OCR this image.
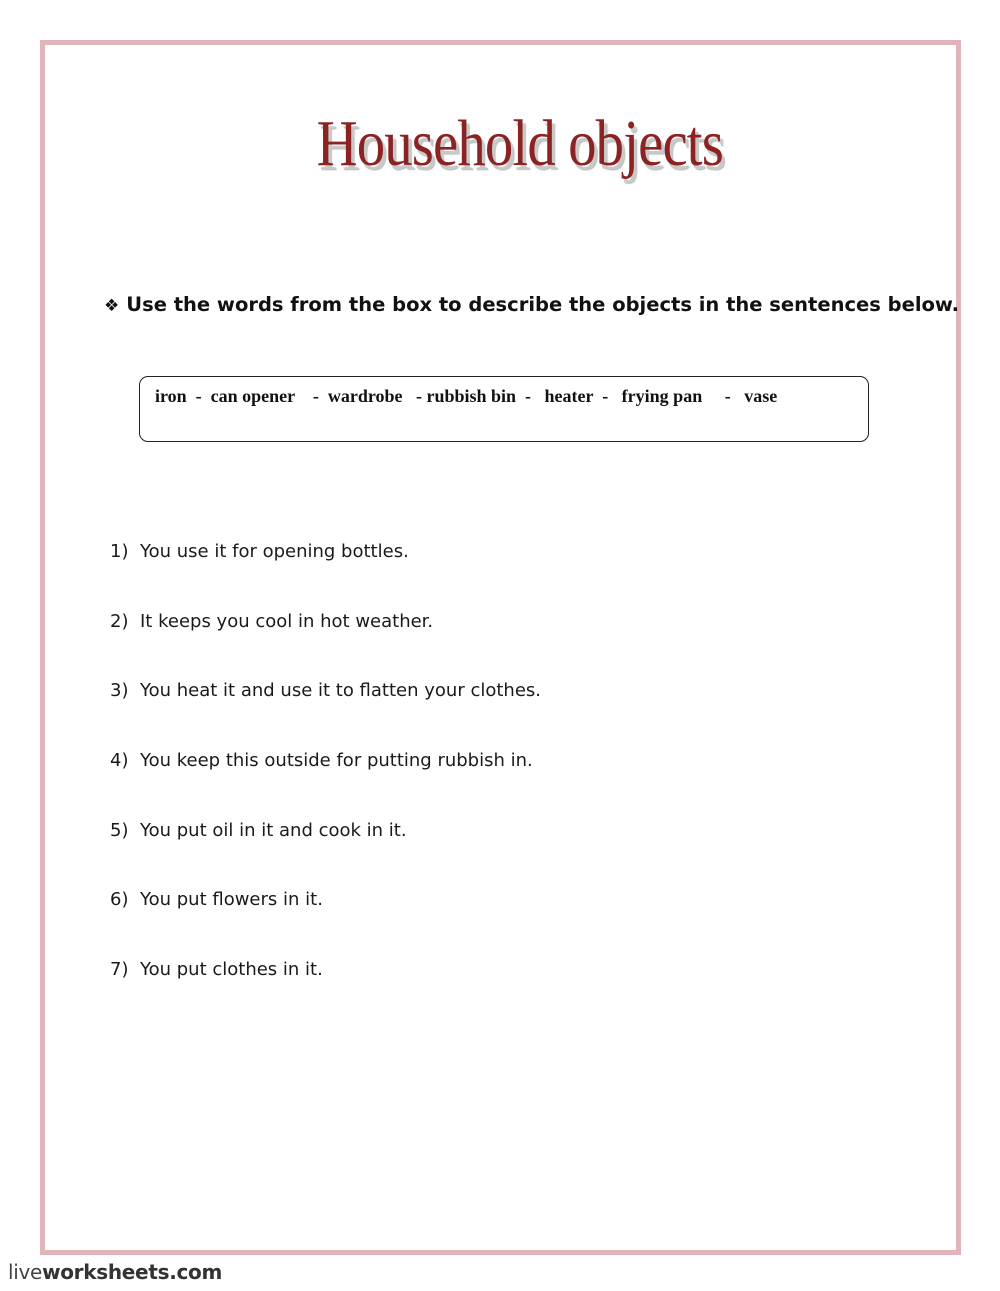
Household objects
❖ Use the words from the box to describe the objects in the sentences below.
iron  -  can opener    -  wardrobe   - rubbish bin  -   heater  -   frying pan     -   vase
1) You use it for opening bottles.
2) It keeps you cool in hot weather.
3) You heat it and use it to flatten your clothes.
4) You keep this outside for putting rubbish in.
5) You put oil in it and cook in it.
6) You put flowers in it.
7) You put clothes in it.
liveworksheets.com
